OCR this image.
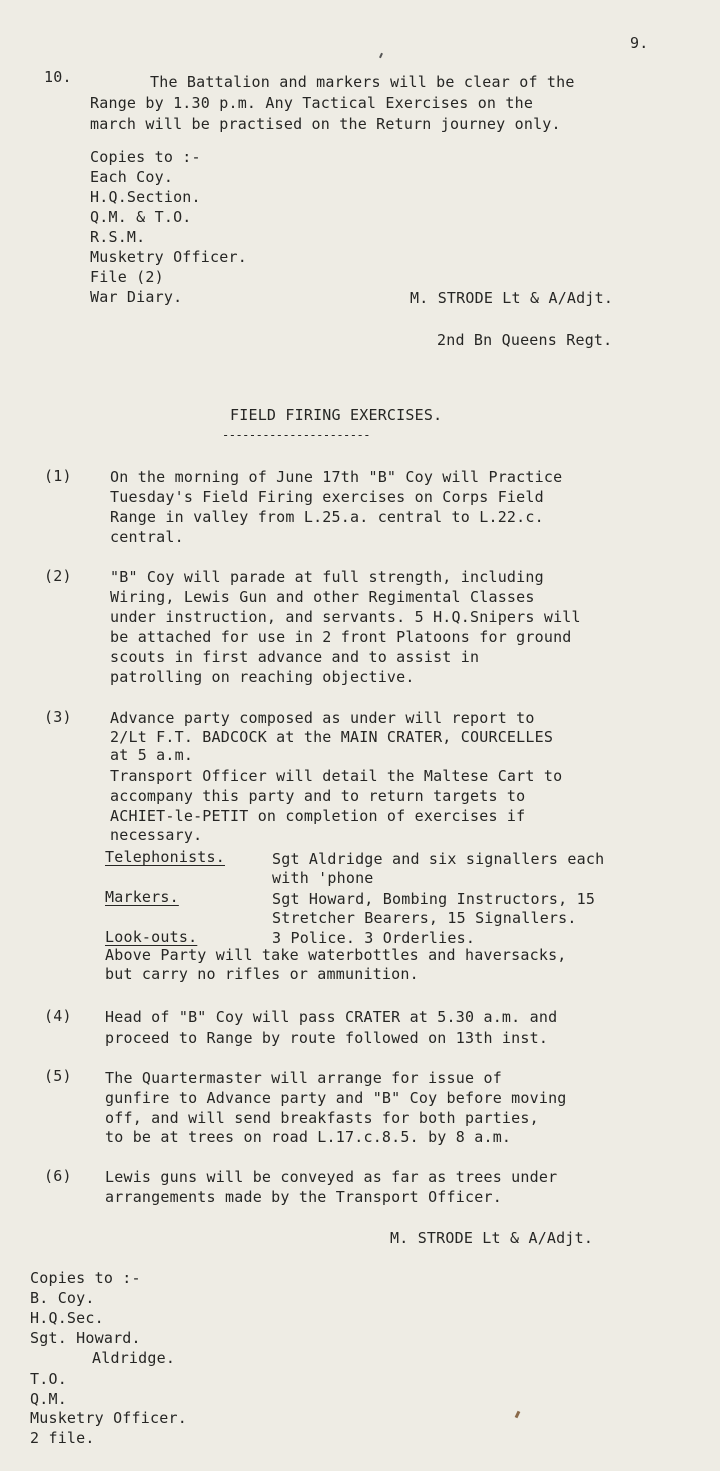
9.
10.	The Battalion and markers will be clear of the
Range by 1.30 p.m. Any Tactical Exercises on the
march will be practised on the Return journey only.
Copies to :-
Each Coy.
H.Q.Section.
Q.M. & T.O.
R.S.M.
Musketry Officer.
File (2)
War Diary.	M. STRODE Lt & A/Adjt.
2nd Bn Queens Regt.
FIELD FIRING EXERCISES.
----------------------
(1)	On the morning of June 17th "B" Coy will Practice
Tuesday's Field Firing exercises on Corps Field
Range in valley from L.25.a. central to L.22.c.
central.
(2)	"B" Coy will parade at full strength, including
Wiring, Lewis Gun and other Regimental Classes
under instruction, and servants. 5 H.Q.Snipers will
be attached for use in 2 front Platoons for ground
scouts in first advance and to assist in
patrolling on reaching objective.
(3)	Advance party composed as under will report to
2/Lt F.T. BADCOCK at the MAIN CRATER, COURCELLES
at 5 a.m.
Transport Officer will detail the Maltese Cart to
accompany this party and to return targets to
ACHIET-le-PETIT on completion of exercises if
necessary.
Telephonists.	Sgt Aldridge and six signallers each
with 'phone
Markers.	Sgt Howard, Bombing Instructors, 15
Stretcher Bearers, 15 Signallers.
Look-outs.	3 Police. 3 Orderlies.
Above Party will take waterbottles and haversacks,
but carry no rifles or ammunition.
(4) Head of "B" Coy will pass CRATER at 5.30 a.m. and
proceed to Range by route followed on 13th inst.
(5) The Quartermaster will arrange for issue of
gunfire to Advance party and "B" Coy before moving
off, and will send breakfasts for both parties,
to be at trees on road L.17.c.8.5. by 8 a.m.
(6) Lewis guns will be conveyed as far as trees under
arrangements made by the Transport Officer.
M. STRODE Lt & A/Adjt.
Copies to :-
B. Coy.
H.Q.Sec.
Sgt. Howard.
Aldridge.
T.O.
Q.M.
Musketry Officer.
2 file.
